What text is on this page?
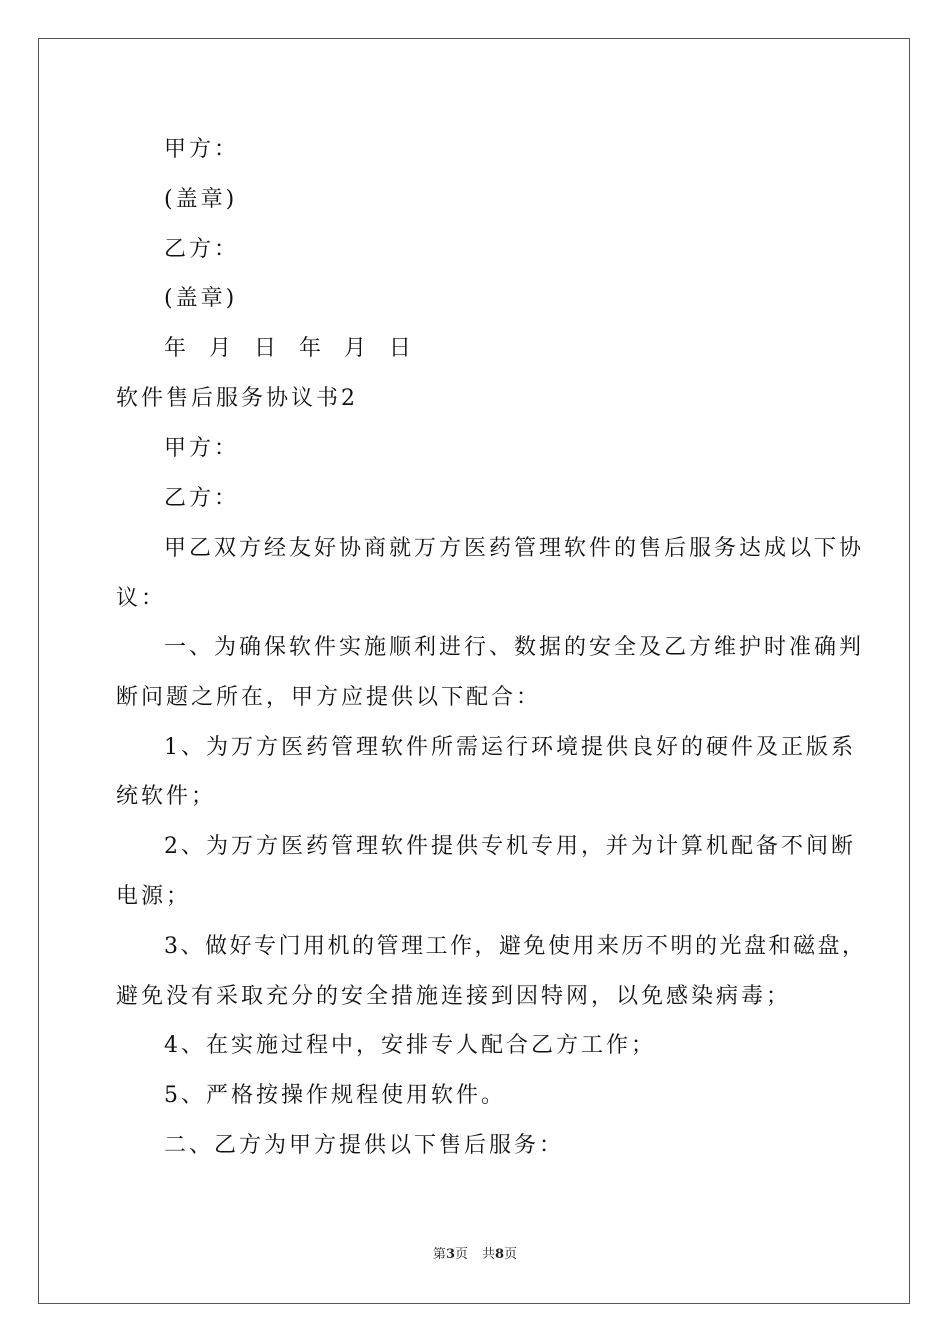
甲方：
(盖章)
乙方：
(盖章)
年  月  日  年  月  日
软件售后服务协议书2
甲方：
乙方：
甲乙双方经友好协商就万方医药管理软件的售后服务达成以下协
议：
一、为确保软件实施顺利进行、数据的安全及乙方维护时准确判
断问题之所在，甲方应提供以下配合：
1、为万方医药管理软件所需运行环境提供良好的硬件及正版系
统软件；
2、为万方医药管理软件提供专机专用，并为计算机配备不间断
电源；
3、做好专门用机的管理工作，避免使用来历不明的光盘和磁盘，
避免没有采取充分的安全措施连接到因特网，以免感染病毒；
4、在实施过程中，安排专人配合乙方工作；
5、严格按操作规程使用软件。
二、乙方为甲方提供以下售后服务：
第3页 共8页
